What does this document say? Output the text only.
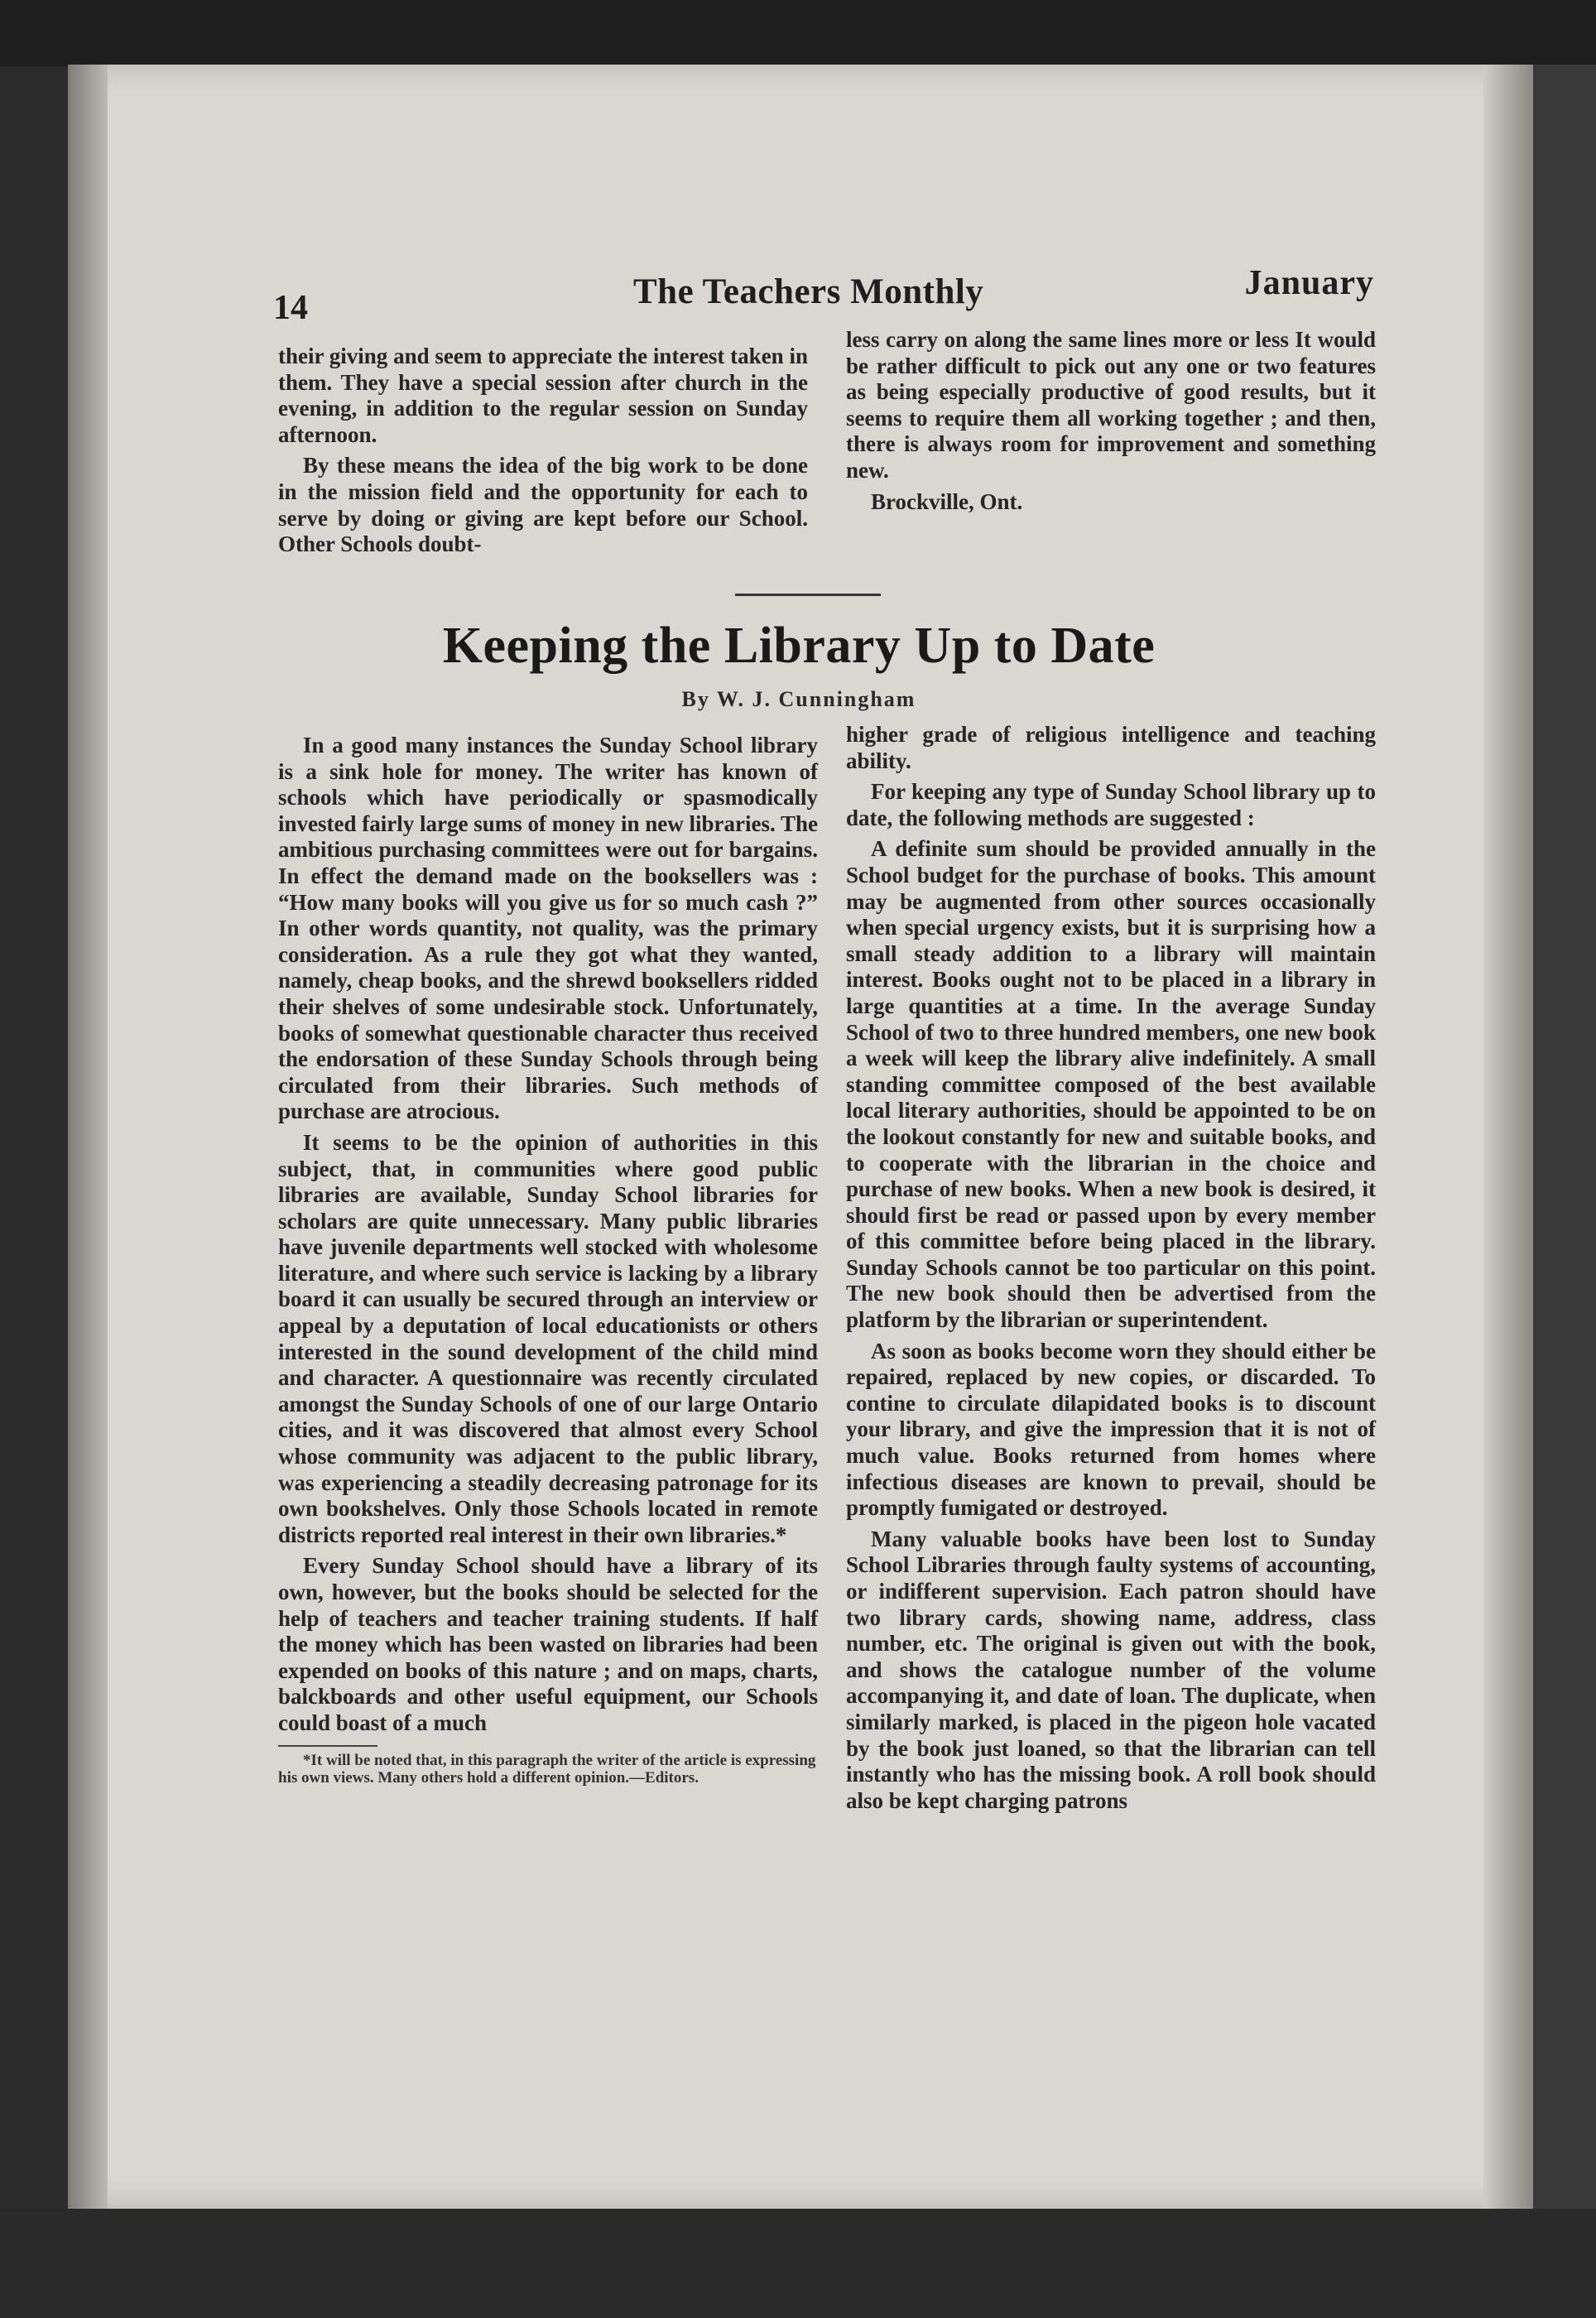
14	The Teachers Monthly	January

their giving and seem to appreciate the interest taken in them. They have a special session after church in the evening, in addition to the regular session on Sunday afternoon.

By these means the idea of the big work to be done in the mission field and the opportunity for each to serve by doing or giving are kept before our School. Other Schools doubt-

less carry on along the same lines more or less It would be rather difficult to pick out any one or two features as being especially productive of good results, but it seems to require them all working together ; and then, there is always room for improvement and something new.

Brockville, Ont.

Keeping the Library Up to Date
By W. J. Cunningham

In a good many instances the Sunday School library is a sink hole for money. The writer has known of schools which have periodically or spasmodically invested fairly large sums of money in new libraries. The ambitious purchasing committees were out for bargains. In effect the demand made on the booksellers was : “How many books will you give us for so much cash ?” In other words quantity, not quality, was the primary consideration. As a rule they got what they wanted, namely, cheap books, and the shrewd booksellers ridded their shelves of some undesirable stock. Unfortunately, books of somewhat questionable character thus received the endorsation of these Sunday Schools through being circulated from their libraries. Such methods of purchase are atrocious.

It seems to be the opinion of authorities in this subject, that, in communities where good public libraries are available, Sunday School libraries for scholars are quite unnecessary. Many public libraries have juvenile departments well stocked with wholesome literature, and where such service is lacking by a library board it can usually be secured through an interview or appeal by a deputation of local educationists or others interested in the sound development of the child mind and character. A questionnaire was recently circulated amongst the Sunday Schools of one of our large Ontario cities, and it was discovered that almost every School whose community was adjacent to the public library, was experiencing a steadily decreasing patronage for its own bookshelves. Only those Schools located in remote districts reported real interest in their own libraries.*

Every Sunday School should have a library of its own, however, but the books should be selected for the help of teachers and teacher training students. If half the money which has been wasted on libraries had been expended on books of this nature ; and on maps, charts, balckboards and other useful equipment, our Schools could boast of a much

*It will be noted that, in this paragraph the writer of the article is expressing his own views. Many others hold a different opinion.—Editors.

higher grade of religious intelligence and teaching ability.

For keeping any type of Sunday School library up to date, the following methods are suggested :

A definite sum should be provided annually in the School budget for the purchase of books. This amount may be augmented from other sources occasionally when special urgency exists, but it is surprising how a small steady addition to a library will maintain interest. Books ought not to be placed in a library in large quantities at a time. In the average Sunday School of two to three hundred members, one new book a week will keep the library alive indefinitely. A small standing committee composed of the best available local literary authorities, should be appointed to be on the lookout constantly for new and suitable books, and to cooperate with the librarian in the choice and purchase of new books. When a new book is desired, it should first be read or passed upon by every member of this committee before being placed in the library. Sunday Schools cannot be too particular on this point. The new book should then be advertised from the platform by the librarian or superintendent.

As soon as books become worn they should either be repaired, replaced by new copies, or discarded. To contine to circulate dilapidated books is to discount your library, and give the impression that it is not of much value. Books returned from homes where infectious diseases are known to prevail, should be promptly fumigated or destroyed.

Many valuable books have been lost to Sunday School Libraries through faulty systems of accounting, or indifferent supervision. Each patron should have two library cards, showing name, address, class number, etc. The original is given out with the book, and shows the catalogue number of the volume accompanying it, and date of loan. The duplicate, when similarly marked, is placed in the pigeon hole vacated by the book just loaned, so that the librarian can tell instantly who has the missing book. A roll book should also be kept charging patrons
